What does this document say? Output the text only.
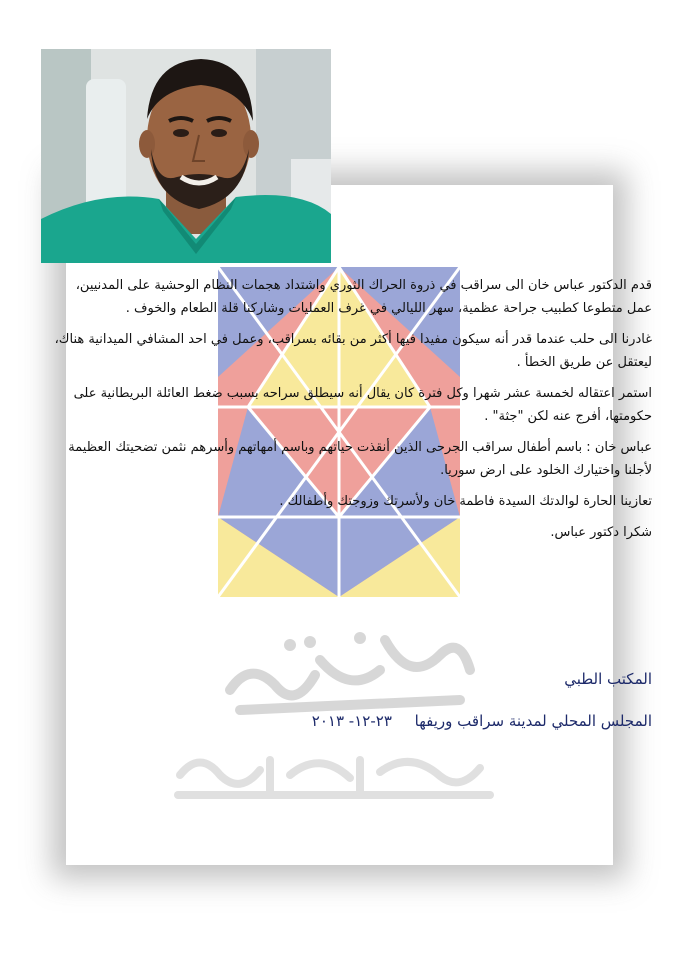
قدم الدكتور عباس خان الى سراقب في ذروة الحراك الثوري واشتداد هجمات النظام الوحشية على المدنيين، عمل متطوعا كطبيب جراحة عظمية، سهر الليالي في غرف العمليات وشاركنا قلة الطعام والخوف .

غادرنا الى حلب عندما قدر أنه سيكون مفيدا فيها أكثر من بقائه بسراقب، وعمل في احد المشافي الميدانية هناك، ليعتقل عن طريق الخطأ .

استمر اعتقاله لخمسة عشر شهرا وكل فترة كان يقال أنه سيطلق سراحه بسبب ضغط العائلة البريطانية على حكومتها، أفرج عنه لكن "جثة" .

عباس خان : باسم أطفال سراقب الجرحى الذين أنقذت حياتهم وباسم أمهاتهم وأسرهم نثمن تضحيتك العظيمة لأجلنا واختيارك الخلود على ارض سوريا.

تعازينا الحارة لوالدتك السيدة فاطمة خان ولأسرتك وزوجتك وأطفالك .

شكرا دكتور عباس.

المكتب الطبي
المجلس المحلي لمدينة سراقب وريفها ٢٣-١٢- ٢٠١٣
